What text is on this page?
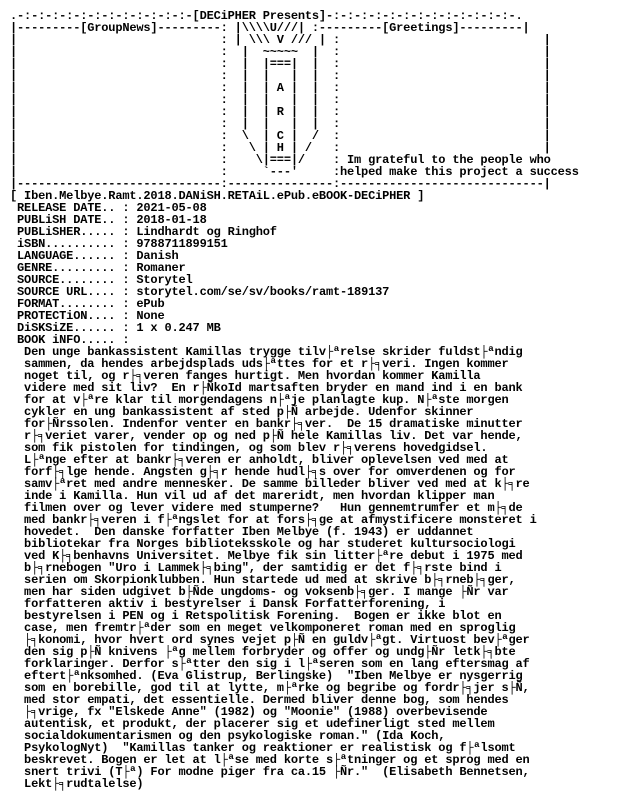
.-:-:-:-:-:-:-:-:-:-:-:-:-[DECiPHER Presents]-:-:-:-:-:-:-:-:-:-:-:-:-:-.
|---------[GroupNews]---------: |\\\\U///| :---------[Greetings]---------|
|                             : | \\\ V /// | :                             |
|                             :  |  ~~~~~  |  :                             |
|                             :  |  |===|  |  :                             |
|                             :  |  |   |  |  :                             |
|                             :  |  | A |  |  :                             |
|                             :  |  |   |  |  :                             |
|                             :  |  | R |  |  :                             |
|                             :  |  |   |  |  :                             |
|                             :  \  | C |  /  :                             |
|                             :   \ | H | /   :                             |
|                             :    \|===|/    : Im grateful to the people who
|                             :     `---'     :helped make this project a success
|-----------------------------:---------------:-----------------------------|
[ Iben.Melbye.Ramt.2018.DANiSH.RETAiL.ePub.eBOOK-DECiPHER ]
RELEASE DATE.. : 2021-05-08
PUBLiSH DATE.. : 2018-01-18
PUBLiSHER..... : Lindhardt og Ringhof
iSBN.......... : 9788711899151
LANGUAGE...... : Danish
GENRE......... : Romaner
SOURCE........ : Storytel
SOURCE URL.... : storytel.com/se/sv/books/ramt-189137
FORMAT........ : ePub
PROTECTiON.... : None
DiSKSiZE...... : 1 x 0.247 MB
BOOK iNFO..... :
Den unge bankassistent Kamillas trygge tilv├ªrelse skrider fuldst├ªndig
sammen, da hendes arbejdsplads uds├ªttes for et r├╕veri. Ingen kommer
noget til, og r├╕veren fanges hurtigt. Men hvordan kommer Kamilla
videre med sit liv?  En r├ÑkoId martsaften bryder en mand ind i en bank
for at v├ªre klar til morgendagens n├ªje planlagte kup. N├ªste morgen
cykler en ung bankassistent af sted p├Ñ arbejde. Udenfor skinner
for├Ñrssolen. Indenfor venter en bankr├╕ver.  De 15 dramatiske minutter
r├╕veriet varer, vender op og ned p├Ñ hele Kamillas liv. Det var hende,
som fik pistolen for tindingen, og som blev r├╕verens hovedgidsel.
L├ªnge efter at bankr├╕veren er anholdt, bliver oplevelsen ved med at
forf├╕lge hende. Angsten g├╕r hende hudl├╕s over for omverdenen og for
samv├ªret med andre mennesker. De samme billeder bliver ved med at k├╕re
inde i Kamilla. Hun vil ud af det mareridt, men hvordan klipper man
filmen over og lever videre med stumperne?   Hun gennemtrumfer et m├╕de
med bankr├╕veren i f├ªngslet for at fors├╕ge at afmystificere monsteret i
hovedet.  Den danske forfatter Iben Melbye (f. 1943) er uddannet
bibliotekar fra Norges biblioteksskole og har studeret kultursociologi
ved K├╕benhavns Universitet. Melbye fik sin litter├ªre debut i 1975 med
b├╕rnebogen "Uro i Lammek├╕bing", der samtidig er det f├╕rste bind i
serien om Skorpionklubben. Hun startede ud med at skrive b├╕rneb├╕ger,
men har siden udgivet b├Ñde ungdoms- og voksenb├╕ger. I mange ├Ñr var
forfatteren aktiv i bestyrelser i Dansk Forfatterforening, i
bestyrelsen i PEN og i Retspolitisk Forening.  Bogen er ikke blot en
case, men fremtr├ªder som en meget velkomponeret roman med en sproglig
├╕konomi, hvor hvert ord synes vejet p├Ñ en guldv├ªgt. Virtuost bev├ªger
den sig p├Ñ knivens ├ªg mellem forbryder og offer og undg├Ñr letk├╕bte
forklaringer. Derfor s├ªtter den sig i l├ªseren som en lang eftersmag af
eftert├ªnksomhed. (Eva Glistrup, Berlingske)  "Iben Melbye er nysgerrig
som en borebille, god til at lytte, m├ªrke og begribe og fordr├╕jer s├Ñ,
med stor empati, det essentielle. Dermed bliver denne bog, som hendes
├╕vrige, fx "Elskede Anne" (1982) og "Moonie" (1988) overbevisende
autentisk, et produkt, der placerer sig et udefinerligt sted mellem
socialdokumentarismen og den psykologiske roman." (Ida Koch,
PsykologNyt)  "Kamillas tanker og reaktioner er realistisk og f├ªlsomt
beskrevet. Bogen er let at l├ªse med korte s├ªtninger og et sprog med en
snert trivi (T├ª) For modne piger fra ca.15 ├Ñr."  (Elisabeth Bennetsen,
Lekt├╕rudtalelse)
